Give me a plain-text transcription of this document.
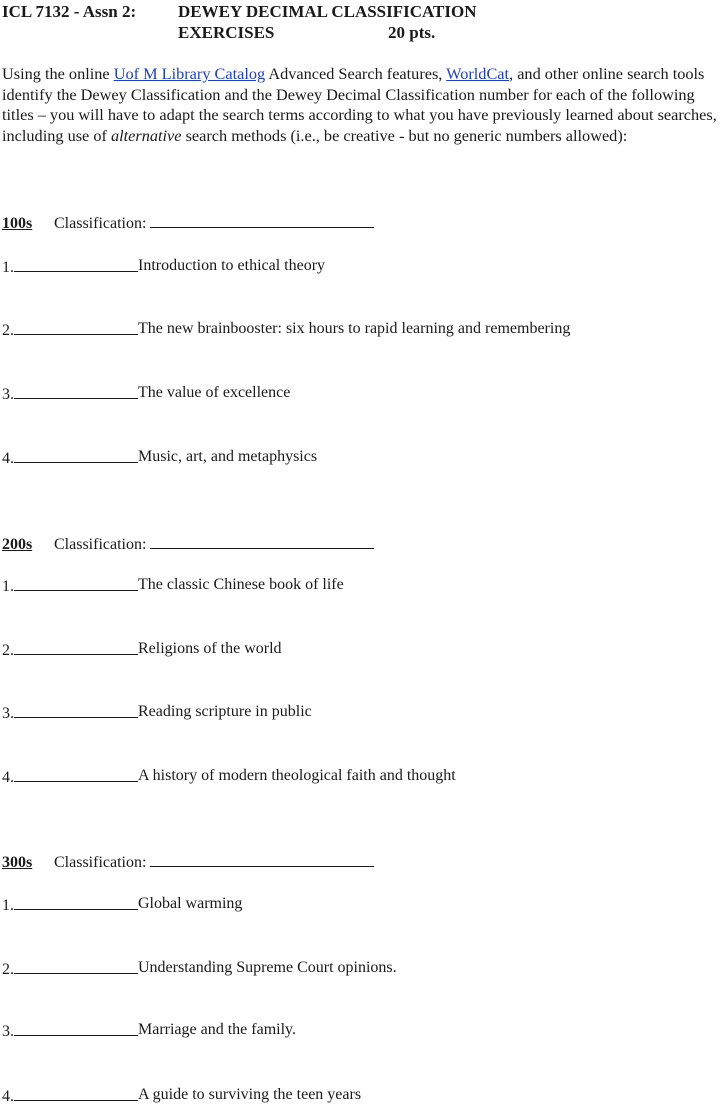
ICL 7132 - Assn 2: DEWEY DECIMAL CLASSIFICATION
EXERCISES	20 pts.

Using the online Uof M Library Catalog Advanced Search features, WorldCat, and other online search tools identify the Dewey Classification and the Dewey Decimal Classification number for each of the following titles – you will have to adapt the search terms according to what you have previously learned about searches, including use of alternative search methods (i.e., be creative - but no generic numbers allowed):

100s Classification:
1.	Introduction to ethical theory
2.	The new brainbooster: six hours to rapid learning and remembering
3.	The value of excellence
4.	Music, art, and metaphysics
200s Classification:
1.	The classic Chinese book of life
2.	Religions of the world
3.	Reading scripture in public
4.	A history of modern theological faith and thought
300s Classification:
1.	Global warming
2.	Understanding Supreme Court opinions.
3.	Marriage and the family.
4.	A guide to surviving the teen years
